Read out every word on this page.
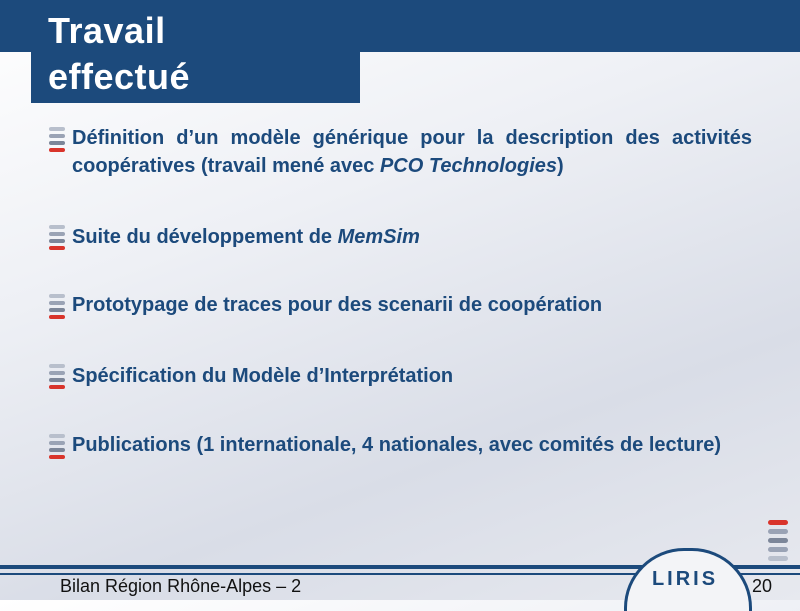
Travail
effectué
Définition d’un modèle générique pour la description des activités coopératives (travail mené avec PCO Technologies)
Suite du développement de MemSim
Prototypage de traces pour des scenarii de coopération
Spécification du Modèle d’Interprétation
Publications (1 internationale, 4 nationales, avec comités de lecture)
Bilan Région Rhône-Alpes – 2	LIRIS 20
